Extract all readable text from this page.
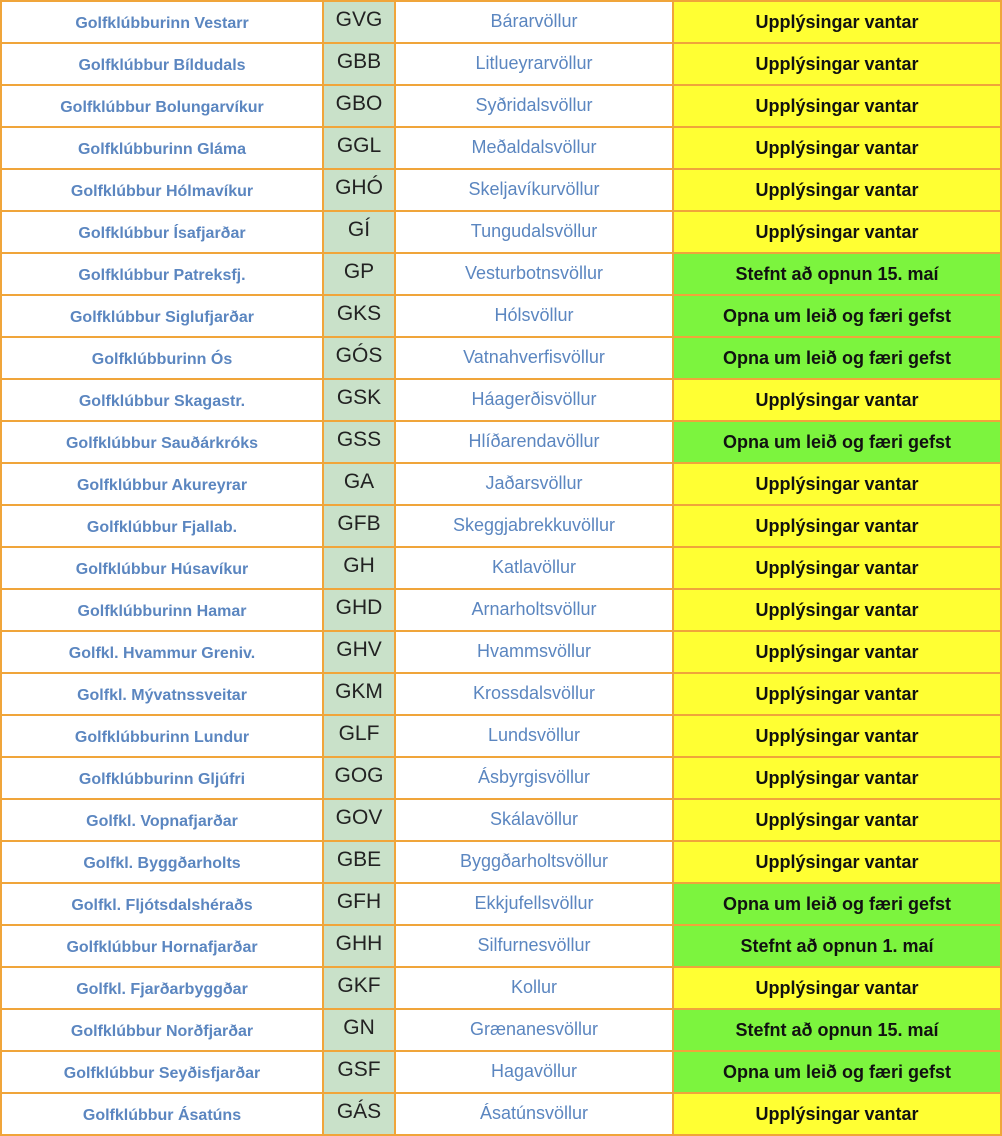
Golfklúbburinn Vestarr	GVG	Bárarvöllur	Upplýsingar vantar
Golfklúbbur Bíldudals	GBB	Litlueyrarvöllur	Upplýsingar vantar
Golfklúbbur Bolungarvíkur	GBO	Syðridalsvöllur	Upplýsingar vantar
Golfklúbburinn Gláma	GGL	Meðaldalsvöllur	Upplýsingar vantar
Golfklúbbur Hólmavíkur	GHÓ	Skeljavíkurvöllur	Upplýsingar vantar
Golfklúbbur Ísafjarðar	GÍ	Tungudalsvöllur	Upplýsingar vantar
Golfklúbbur Patreksfj.	GP	Vesturbotnsvöllur	Stefnt að opnun 15. maí
Golfklúbbur Siglufjarðar	GKS	Hólsvöllur	Opna um leið og færi gefst
Golfklúbburinn Ós	GÓS	Vatnahverfisvöllur	Opna um leið og færi gefst
Golfklúbbur Skagastr.	GSK	Háagerðisvöllur	Upplýsingar vantar
Golfklúbbur Sauðárkróks	GSS	Hlíðarendavöllur	Opna um leið og færi gefst
Golfklúbbur Akureyrar	GA	Jaðarsvöllur	Upplýsingar vantar
Golfklúbbur Fjallab.	GFB	Skeggjabrekkuvöllur	Upplýsingar vantar
Golfklúbbur Húsavíkur	GH	Katlavöllur	Upplýsingar vantar
Golfklúbburinn Hamar	GHD	Arnarholtsvöllur	Upplýsingar vantar
Golfkl. Hvammur Greniv.	GHV	Hvammsvöllur	Upplýsingar vantar
Golfkl. Mývatnssveitar	GKM	Krossdalsvöllur	Upplýsingar vantar
Golfklúbburinn Lundur	GLF	Lundsvöllur	Upplýsingar vantar
Golfklúbburinn Gljúfri	GOG	Ásbyrgisvöllur	Upplýsingar vantar
Golfkl. Vopnafjarðar	GOV	Skálavöllur	Upplýsingar vantar
Golfkl. Byggðarholts	GBE	Byggðarholtsvöllur	Upplýsingar vantar
Golfkl. Fljótsdalshéraðs	GFH	Ekkjufellsvöllur	Opna um leið og færi gefst
Golfklúbbur Hornafjarðar	GHH	Silfurnesvöllur	Stefnt að opnun 1. maí
Golfkl. Fjarðarbyggðar	GKF	Kollur	Upplýsingar vantar
Golfklúbbur Norðfjarðar	GN	Grænanesvöllur	Stefnt að opnun 15. maí
Golfklúbbur Seyðisfjarðar	GSF	Hagavöllur	Opna um leið og færi gefst
Golfklúbbur Ásatúns	GÁS	Ásatúnsvöllur	Upplýsingar vantar
